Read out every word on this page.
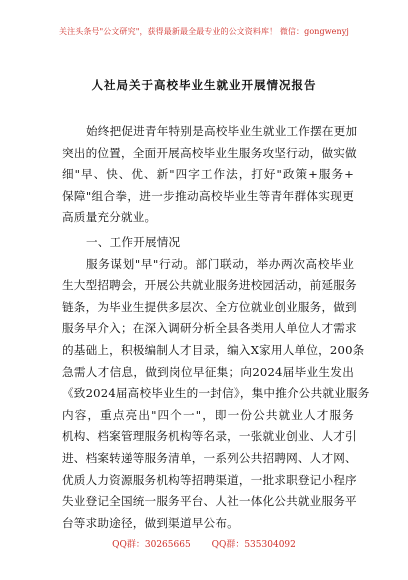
关注头条号"公文研究"，获得最新最全最专业的公文资料库！ 微信：gongwenyj
人社局关于高校毕业生就业开展情况报告
始终把促进青年特别是高校毕业生就业工作摆在更加
突出的位置，全面开展高校毕业生服务攻坚行动，做实做
细"早、快、优、新"四字工作法，打好"政策+服务+
保障"组合拳，进一步推动高校毕业生等青年群体实现更
高质量充分就业。
一、工作开展情况
服务谋划"早"行动。部门联动，举办两次高校毕业
生大型招聘会，开展公共就业服务进校园活动，前延服务
链条，为毕业生提供多层次、全方位就业创业服务，做到
服务早介入；在深入调研分析全县各类用人单位人才需求
的基础上，积极编制人才目录，编入X家用人单位，200条
急需人才信息，做到岗位早征集；向2024届毕业生发出
《致2024届高校毕业生的一封信》，集中推介公共就业服务
内容，重点亮出"四个一"，即一份公共就业人才服务
机构、档案管理服务机构等名录，一张就业创业、人才引
进、档案转递等服务清单，一系列公共招聘网、人才网、
优质人力资源服务机构等招聘渠道，一批求职登记小程序
失业登记全国统一服务平台、人社一体化公共就业服务平
台等求助途径，做到渠道早公布。
QQ群：30265665 QQ群：535304092
